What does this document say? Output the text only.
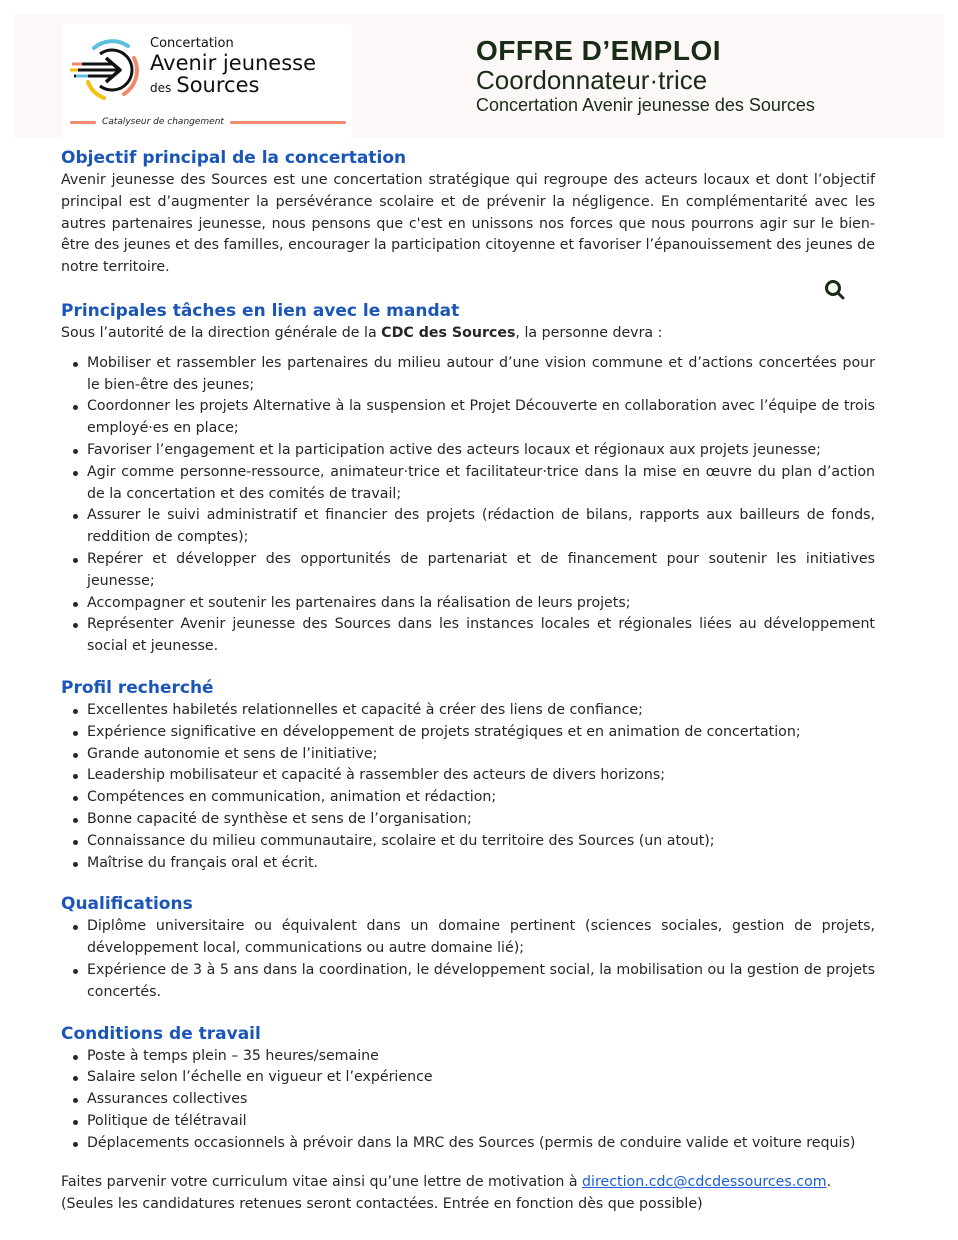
Concertation
Avenir jeunesse
des Sources
Catalyseur de changement
OFFRE D’EMPLOI
Coordonnateur·trice
Concertation Avenir jeunesse des Sources
Objectif principal de la concertation

Avenir jeunesse des Sources est une concertation stratégique qui regroupe des acteurs locaux et dont l’objectif principal est d’augmenter la persévérance scolaire et de prévenir la négligence. En complémentarité avec les autres partenaires jeunesse, nous pensons que c'est en unissons nos forces que nous pourrons agir sur le bien-être des jeunes et des familles, encourager la participation citoyenne et favoriser l’épanouissement des jeunes de notre territoire.

Principales tâches en lien avec le mandat

Sous l’autorité de la direction générale de la CDC des Sources, la personne devra :

Mobiliser et rassembler les partenaires du milieu autour d’une vision commune et d’actions concertées pour le bien-être des jeunes;
Coordonner les projets Alternative à la suspension et Projet Découverte en collaboration avec l’équipe de trois employé·es en place;
Favoriser l’engagement et la participation active des acteurs locaux et régionaux aux projets jeunesse;
Agir comme personne-ressource, animateur·trice et facilitateur·trice dans la mise en œuvre du plan d’action de la concertation et des comités de travail;
Assurer le suivi administratif et financier des projets (rédaction de bilans, rapports aux bailleurs de fonds, reddition de comptes);
Repérer et développer des opportunités de partenariat et de financement pour soutenir les initiatives jeunesse;
Accompagner et soutenir les partenaires dans la réalisation de leurs projets;
Représenter Avenir jeunesse des Sources dans les instances locales et régionales liées au développement social et jeunesse.
Profil recherché
Excellentes habiletés relationnelles et capacité à créer des liens de confiance;
Expérience significative en développement de projets stratégiques et en animation de concertation;
Grande autonomie et sens de l’initiative;
Leadership mobilisateur et capacité à rassembler des acteurs de divers horizons;
Compétences en communication, animation et rédaction;
Bonne capacité de synthèse et sens de l’organisation;
Connaissance du milieu communautaire, scolaire et du territoire des Sources (un atout);
Maîtrise du français oral et écrit.
Qualifications
Diplôme universitaire ou équivalent dans un domaine pertinent (sciences sociales, gestion de projets, développement local, communications ou autre domaine lié);
Expérience de 3 à 5 ans dans la coordination, le développement social, la mobilisation ou la gestion de projets concertés.
Conditions de travail
Poste à temps plein – 35 heures/semaine
Salaire selon l’échelle en vigueur et l’expérience
Assurances collectives
Politique de télétravail
Déplacements occasionnels à prévoir dans la MRC des Sources (permis de conduire valide et voiture requis)

Faites parvenir votre curriculum vitae ainsi qu’une lettre de motivation à direction.cdc@cdcdessources.com.

(Seules les candidatures retenues seront contactées. Entrée en fonction dès que possible)
